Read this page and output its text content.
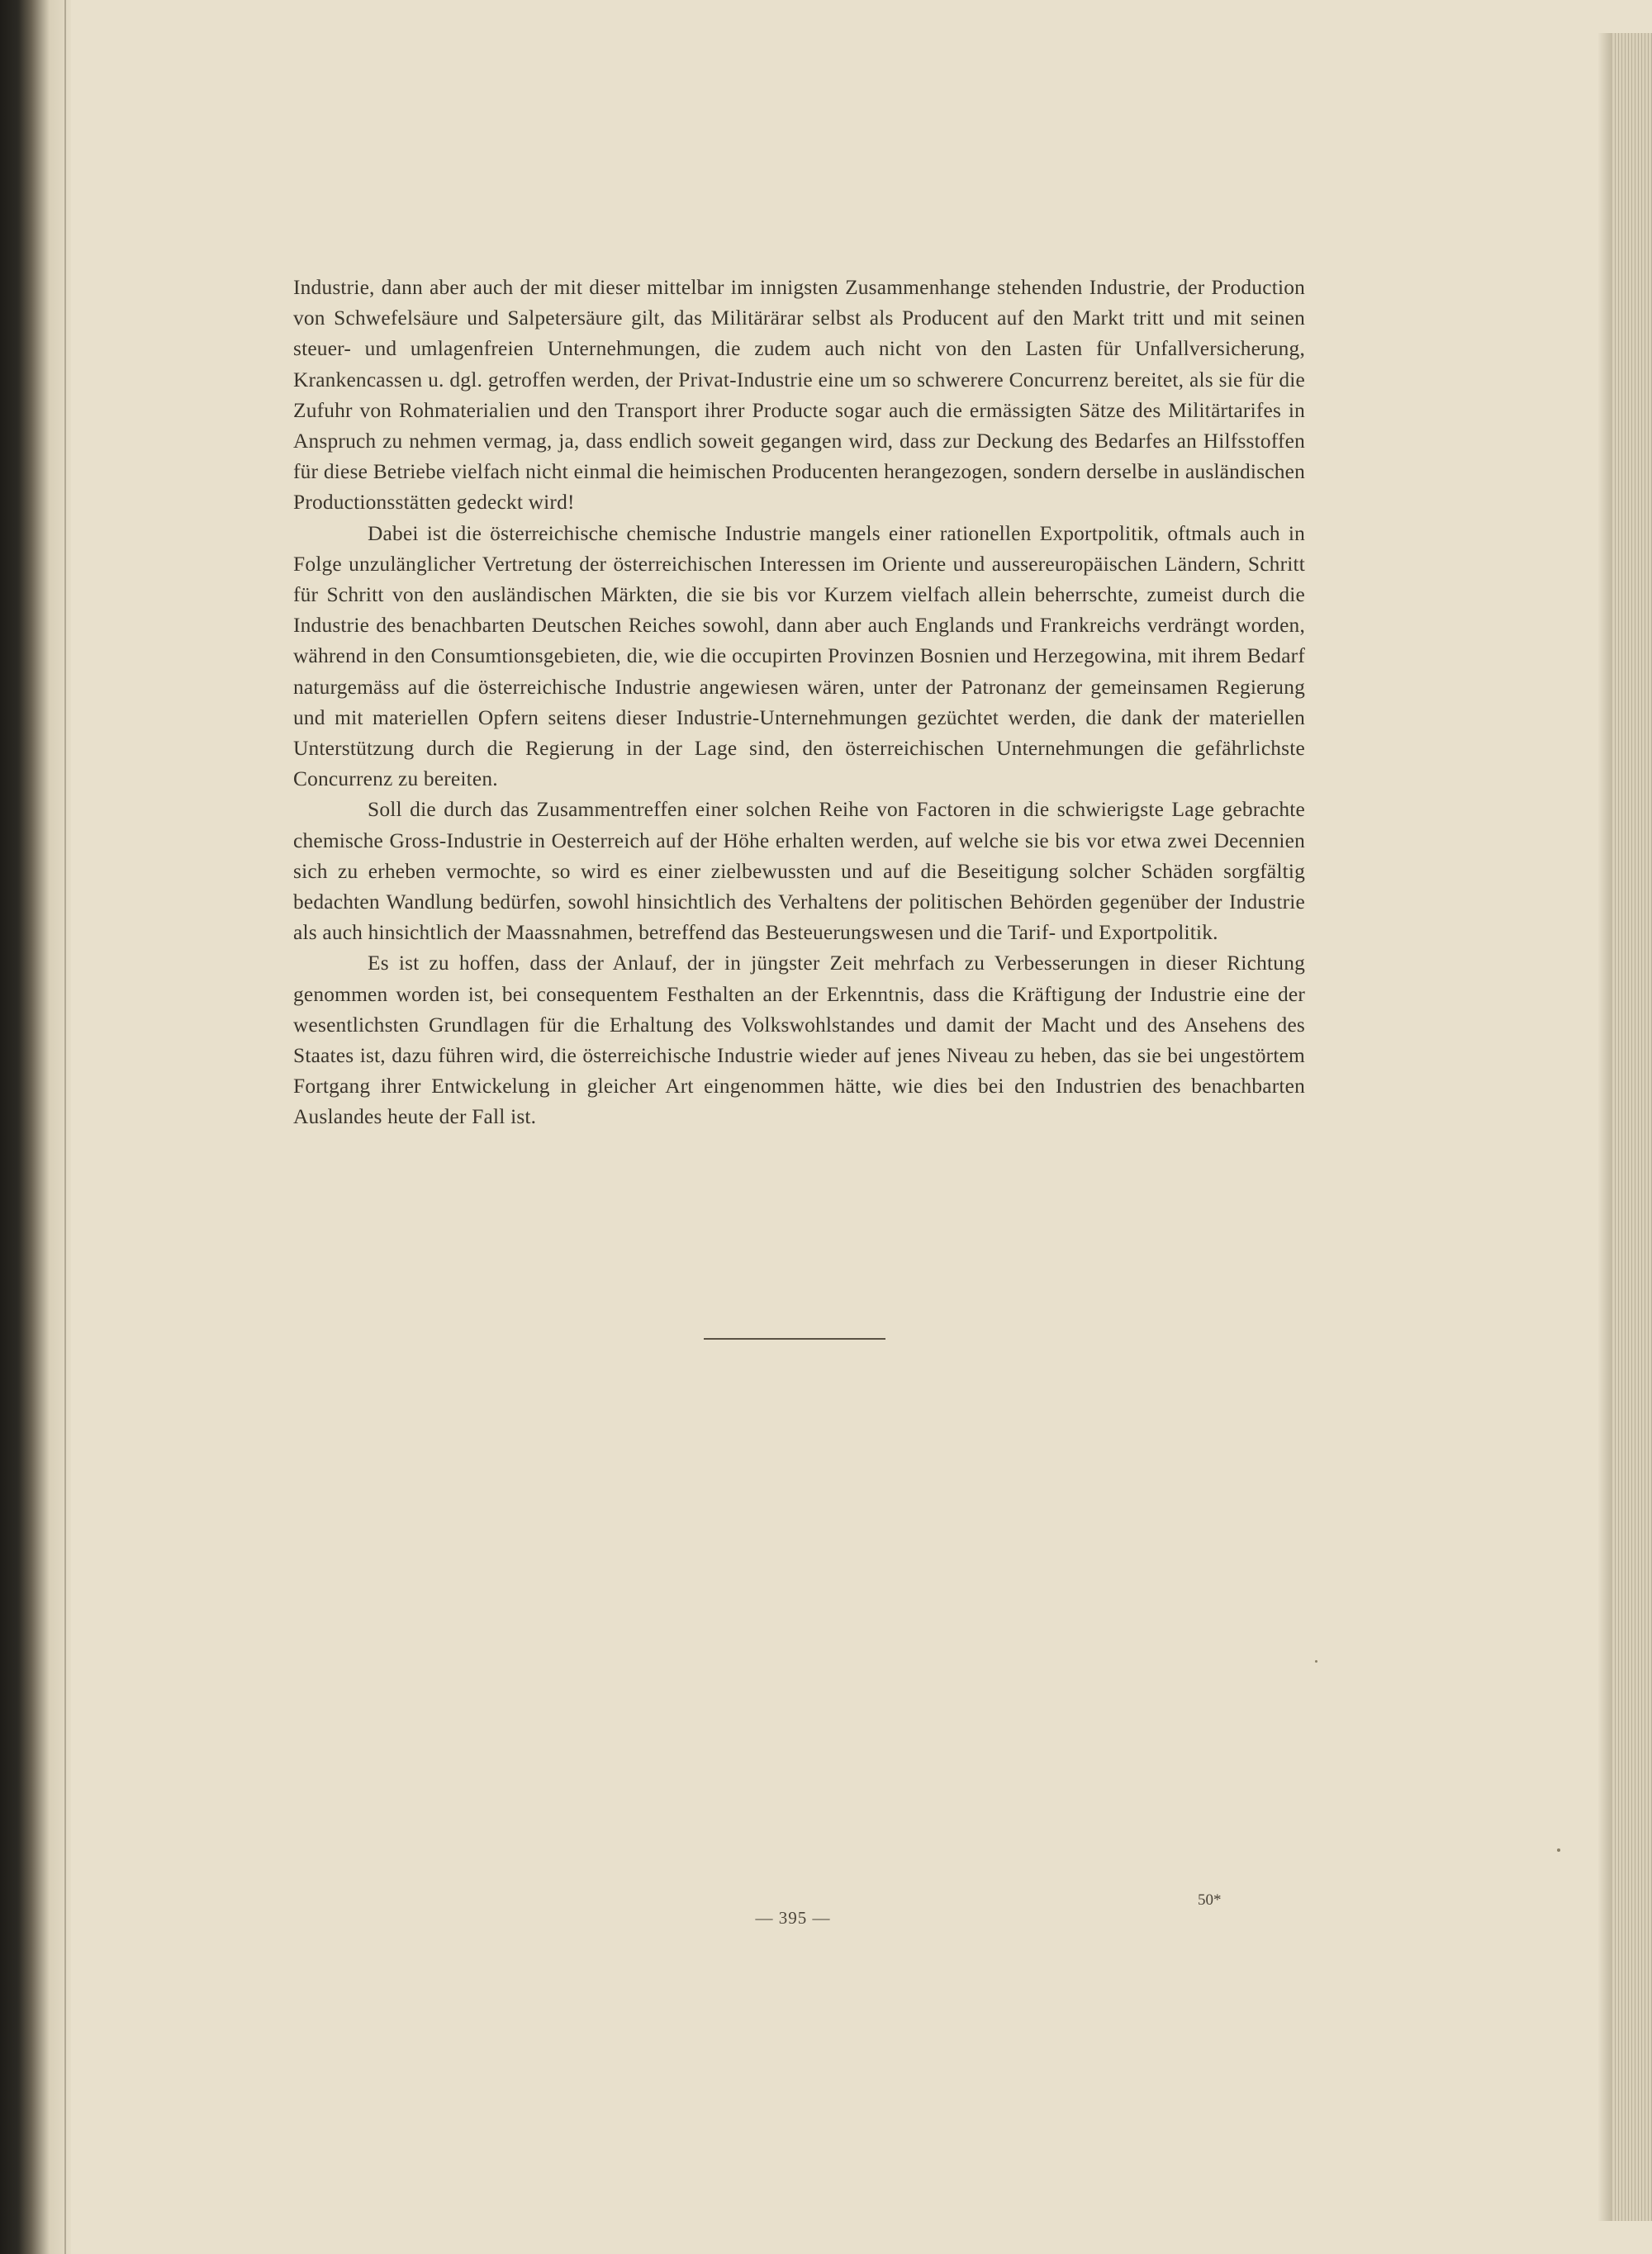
Industrie, dann aber auch der mit dieser mittelbar im innigsten Zusammenhange stehenden Industrie, der Production von Schwefelsäure und Salpetersäure gilt, das Militärärar selbst als Producent auf den Markt tritt und mit seinen steuer- und umlagenfreien Unternehmungen, die zudem auch nicht von den Lasten für Unfallversicherung, Krankencassen u. dgl. getroffen werden, der Privat-Industrie eine um so schwerere Concurrenz bereitet, als sie für die Zufuhr von Rohmaterialien und den Transport ihrer Producte sogar auch die ermässigten Sätze des Militärtarifes in Anspruch zu nehmen vermag, ja, dass endlich soweit gegangen wird, dass zur Deckung des Bedarfes an Hilfsstoffen für diese Betriebe vielfach nicht einmal die heimischen Producenten herangezogen, sondern derselbe in ausländischen Productionsstätten gedeckt wird!

Dabei ist die österreichische chemische Industrie mangels einer rationellen Exportpolitik, oftmals auch in Folge unzulänglicher Vertretung der österreichischen Interessen im Oriente und aussereuropäischen Ländern, Schritt für Schritt von den ausländischen Märkten, die sie bis vor Kurzem vielfach allein beherrschte, zumeist durch die Industrie des benachbarten Deutschen Reiches sowohl, dann aber auch Englands und Frankreichs verdrängt worden, während in den Consumtionsgebieten, die, wie die occupirten Provinzen Bosnien und Herzegowina, mit ihrem Bedarf naturgemäss auf die österreichische Industrie angewiesen wären, unter der Patronanz der gemeinsamen Regierung und mit materiellen Opfern seitens dieser Industrie-Unternehmungen gezüchtet werden, die dank der materiellen Unterstützung durch die Regierung in der Lage sind, den österreichischen Unternehmungen die gefährlichste Concurrenz zu bereiten.

Soll die durch das Zusammentreffen einer solchen Reihe von Factoren in die schwierigste Lage gebrachte chemische Gross-Industrie in Oesterreich auf der Höhe erhalten werden, auf welche sie bis vor etwa zwei Decennien sich zu erheben vermochte, so wird es einer zielbewussten und auf die Beseitigung solcher Schäden sorgfältig bedachten Wandlung bedürfen, sowohl hinsichtlich des Verhaltens der politischen Behörden gegenüber der Industrie als auch hinsichtlich der Maassnahmen, betreffend das Besteuerungswesen und die Tarif- und Exportpolitik.

Es ist zu hoffen, dass der Anlauf, der in jüngster Zeit mehrfach zu Verbesserungen in dieser Richtung genommen worden ist, bei consequentem Festhalten an der Erkenntnis, dass die Kräftigung der Industrie eine der wesentlichsten Grundlagen für die Erhaltung des Volkswohlstandes und damit der Macht und des Ansehens des Staates ist, dazu führen wird, die österreichische Industrie wieder auf jenes Niveau zu heben, das sie bei ungestörtem Fortgang ihrer Entwickelung in gleicher Art eingenommen hätte, wie dies bei den Industrien des benachbarten Auslandes heute der Fall ist.

— 395 —
50*
